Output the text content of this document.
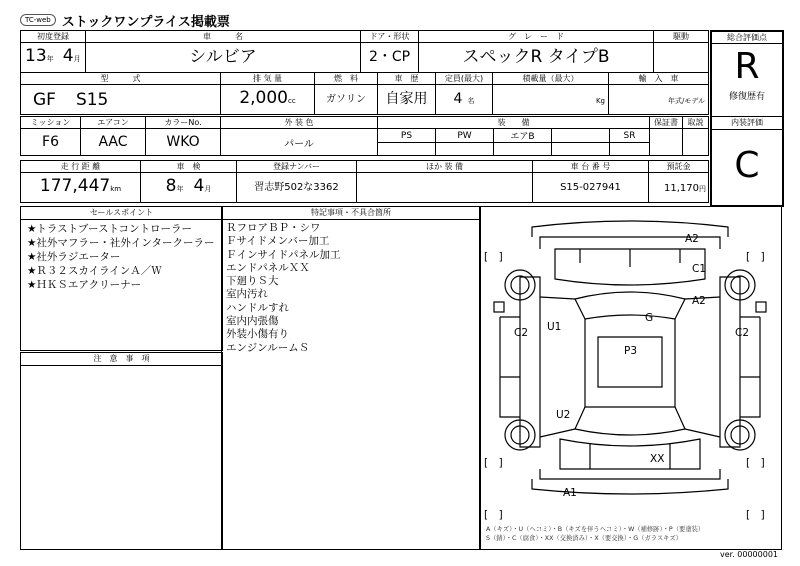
TC-web ストックワンプライス掲載票
初度登録	車　　　名	ドア・形状	グ　レ　ー　ド	駆動
13年 4月	シルビア	2・CP	スペックR タイプB	
型　　　式	排 気 量	燃　料	車　歴	定員(最大)	積載量（最大）	輸　入　車
GF S15	2,000cc	ガソリン	自家用	4 名	Kg	年式/モデル
ミッション	エアコン	カラーNo.	外 装 色	装　　備					保証書	取説
F6	AAC	WKO	パール	PS	PW	エアB		SR		

走 行 距 離	車　検	登録ナンバー	ほか 装 備	車 台 番 号	預託金
177,447km	8年 4月	習志野502な3362		S15-027941	11,170円
総合評価点
R
修復歴有
内装評価
C
セールスポイント
★トラストブーストコントローラー
★社外マフラー・社外インタークーラー
★社外ラジエーター
★Ｒ３２スカイラインＡ／Ｗ
★ＨＫＳエアクリーナー
注　意　事　項
特記事項・不具合箇所
ＲフロアＢＰ・シワ
Ｆサイドメンバー加工
Ｆインサイドパネル加工
エンドパネルＸＸ
下廻りＳ大
室内汚れ
ハンドルすれ
室内内張傷
外装小傷有り
エンジンルームＳ
[　 ]	[　 ]
[　 ]	[　 ]
[　 ]	[　 ]
A2
C1
A2
C2 U1
G
C2
P3
U2
XX
A1
A（キズ）・U（ヘコミ）・B（キズを伴うヘコミ）・W（補修跡）・P（要塗装）
S（錆）・C（腐食）・XX（交換済み）・X（要交換）・G（ガラスキズ）
ver. 00000001
